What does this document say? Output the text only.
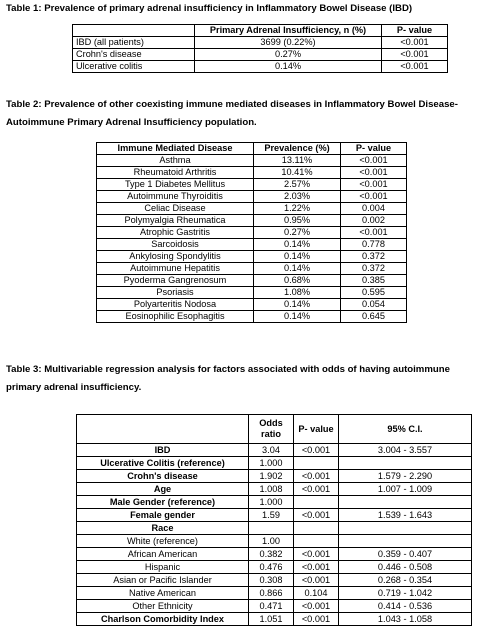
Table 1: Prevalence of primary adrenal insufficiency in Inflammatory Bowel Disease (IBD)
	Primary Adrenal Insufficiency, n (%)	P- value
IBD (all patients)	3699 (0.22%)	<0.001
Crohn's disease	0.27%	<0.001
Ulcerative colitis	0.14%	<0.001
Table 2: Prevalence of other coexisting immune mediated diseases in Inflammatory Bowel Disease-
Autoimmune Primary Adrenal Insufficiency population.
Immune Mediated Disease	Prevalence (%)	P- value
Asthma	13.11%	<0.001
Rheumatoid Arthritis	10.41%	<0.001
Type 1 Diabetes Mellitus	2.57%	<0.001
Autoimmune Thyroiditis	2.03%	<0.001
Celiac Disease	1.22%	0.004
Polymyalgia Rheumatica	0.95%	0.002
Atrophic Gastritis	0.27%	<0.001
Sarcoidosis	0.14%	0.778
Ankylosing Spondylitis	0.14%	0.372
Autoimmune Hepatitis	0.14%	0.372
Pyoderma Gangrenosum	0.68%	0.385
Psoriasis	1.08%	0.595
Polyarteritis Nodosa	0.14%	0.054
Eosinophilic Esophagitis	0.14%	0.645
Table 3: Multivariable regression analysis for factors associated with odds of having autoimmune
primary adrenal insufficiency.
	Odds ratio	P- value	95% C.I.
IBD	3.04	<0.001	3.004 - 3.557
Ulcerative Colitis (reference)	1.000		
Crohn's disease	1.902	<0.001	1.579 - 2.290
Age	1.008	<0.001	1.007 - 1.009
Male Gender (reference)	1.000		
Female gender	1.59	<0.001	1.539 - 1.643
Race			
White (reference)	1.00		
African American	0.382	<0.001	0.359 - 0.407
Hispanic	0.476	<0.001	0.446 - 0.508
Asian or Pacific Islander	0.308	<0.001	0.268 - 0.354
Native American	0.866	0.104	0.719 - 1.042
Other Ethnicity	0.471	<0.001	0.414 - 0.536
Charlson Comorbidity Index	1.051	<0.001	1.043 - 1.058
